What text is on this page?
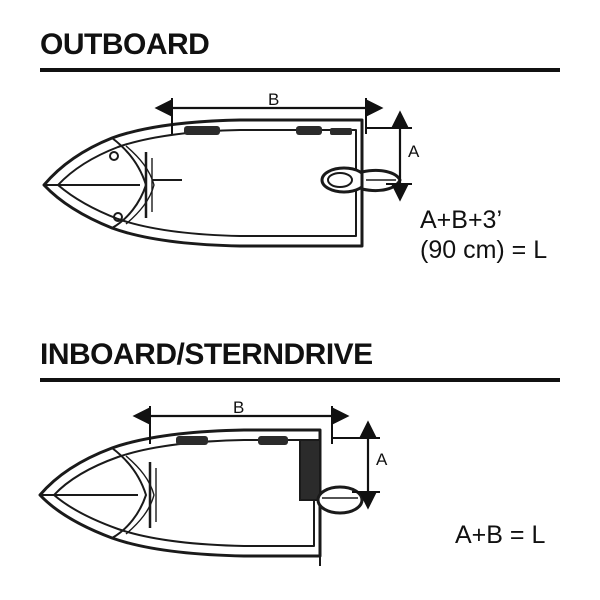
OUTBOARD
B
A
A+B+3’
(90 cm) = L
INBOARD/STERNDRIVE
B
A
A+B = L
